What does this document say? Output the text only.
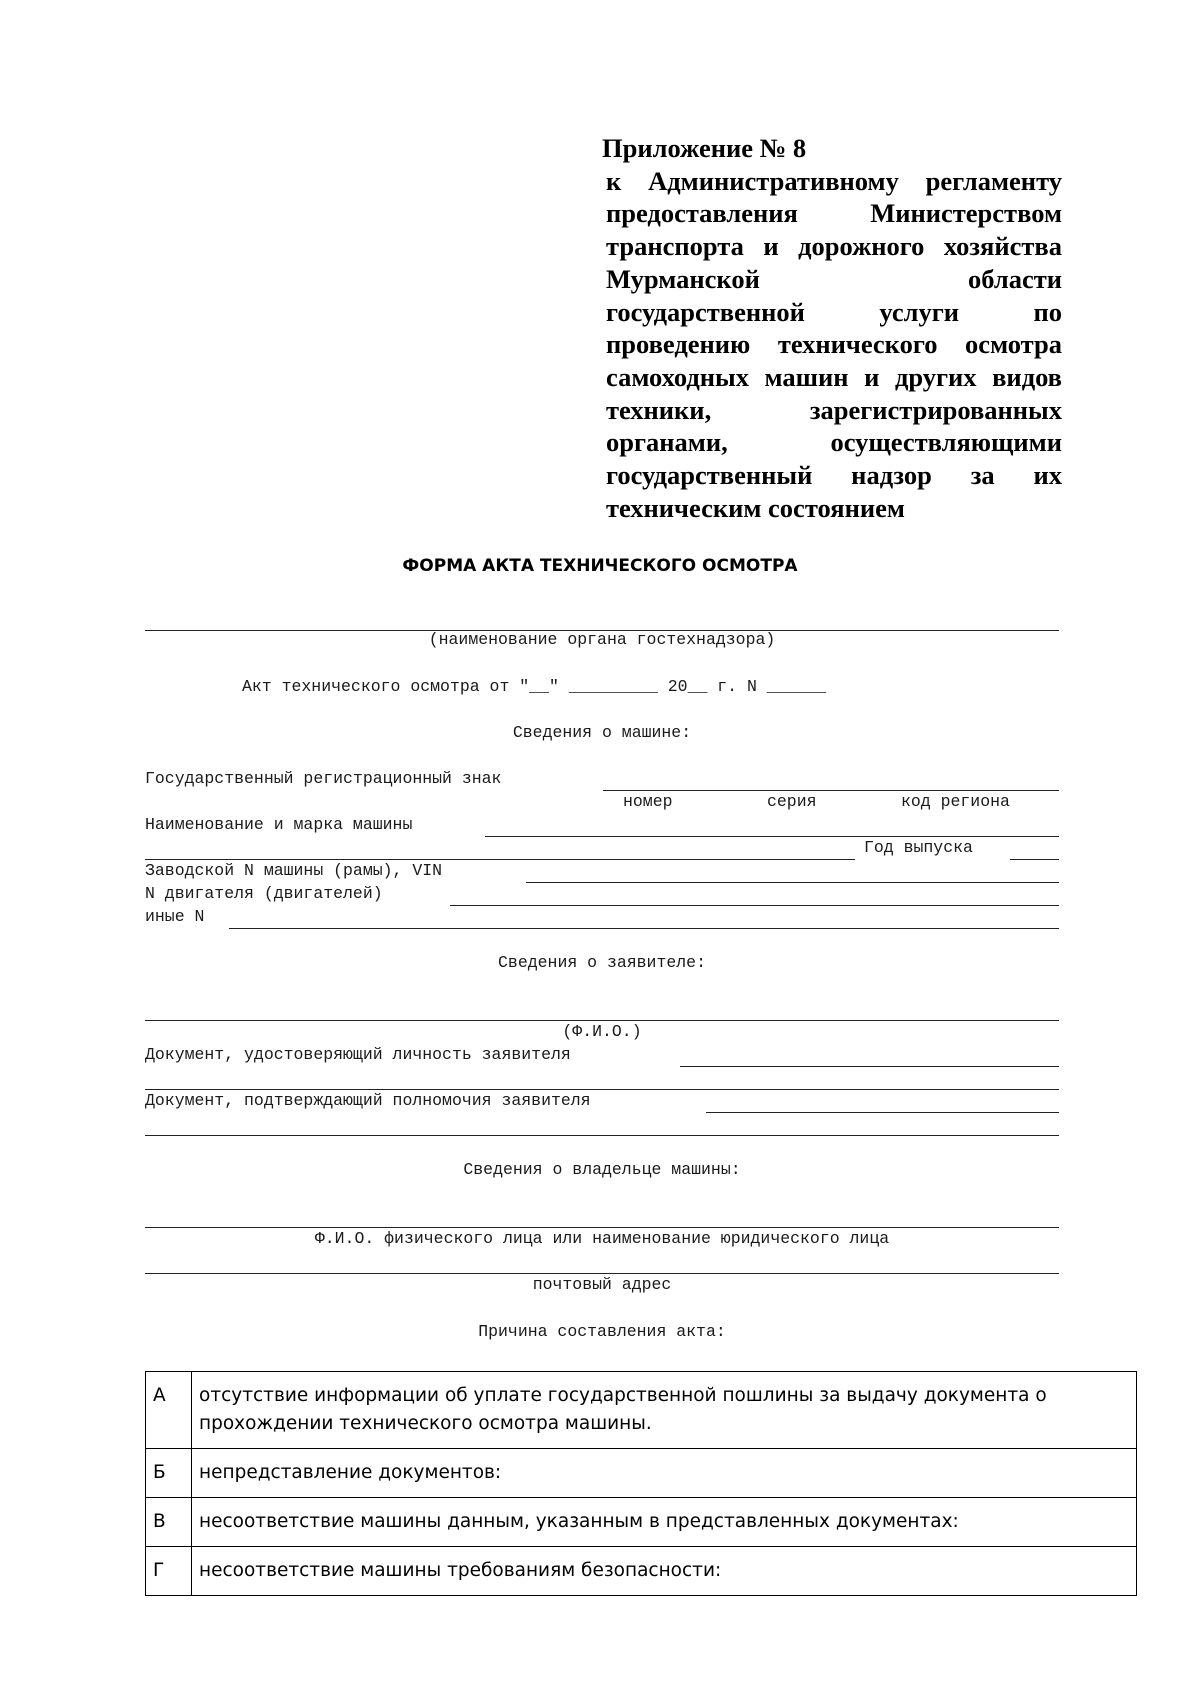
Приложение № 8
к Административному регламенту предоставления Министерством транспорта и дорожного хозяйства Мурманской области государственной услуги по проведению технического осмотра самоходных машин и других видов техники, зарегистрированных органами, осуществляющими государственный надзор за их техническим состоянием
ФОРМА АКТА ТЕХНИЧЕСКОГО ОСМОТРА
(наименование органа гостехнадзора)
Акт технического осмотра от "__" _________ 20__ г. N ______
Сведения о машине:
Государственный регистрационный знак
номер	серия	код региона
Наименование и марка машины
Год выпуска
Заводской N машины (рамы), VIN
N двигателя (двигателей)
иные N
Сведения о заявителе:
(Ф.И.О.)
Документ, удостоверяющий личность заявителя
Документ, подтверждающий полномочия заявителя
Сведения о владельце машины:
Ф.И.О. физического лица или наименование юридического лица
почтовый адрес
Причина составления акта:
А	отсутствие информации об уплате государственной пошлины за выдачу документа о прохождении технического осмотра машины.
Б	непредставление документов:
В	несоответствие машины данным, указанным в представленных документах:
Г	несоответствие машины требованиям безопасности:
